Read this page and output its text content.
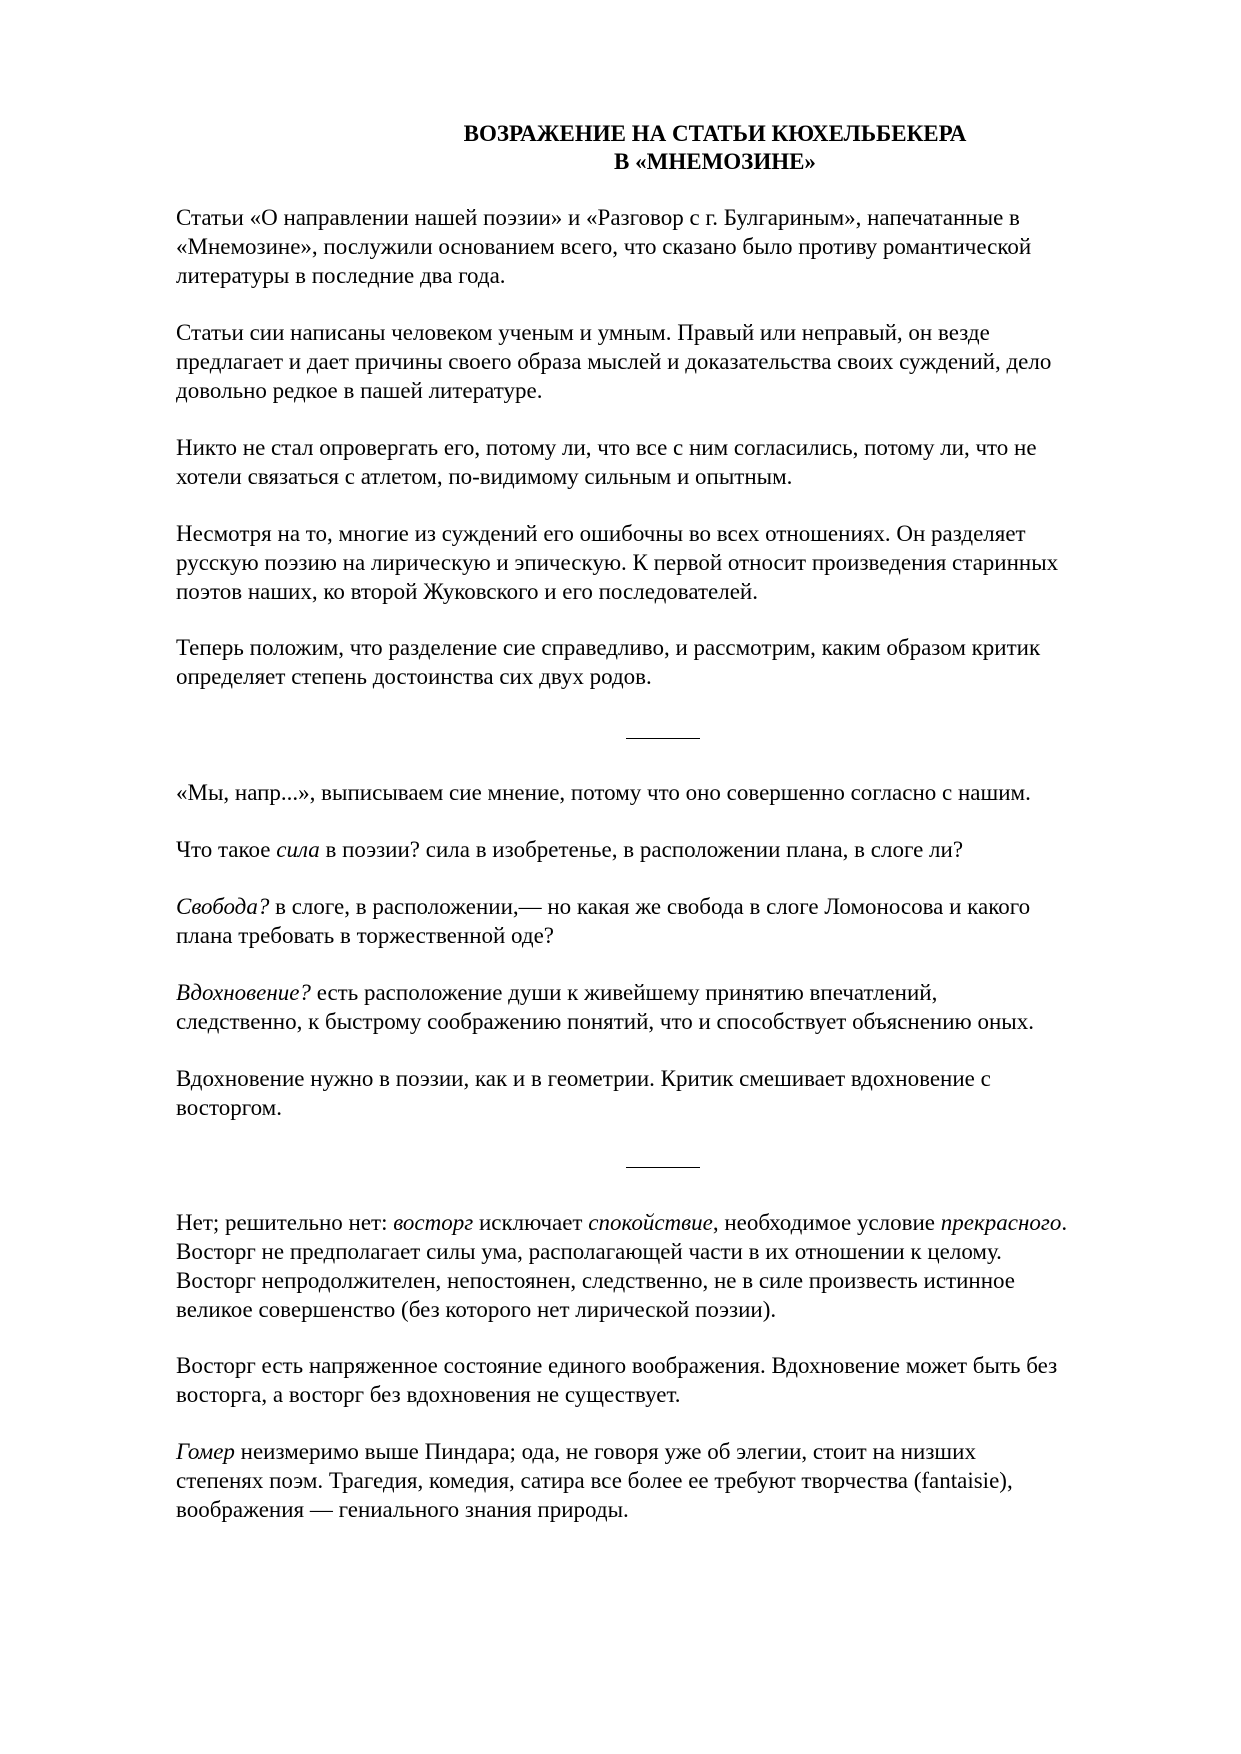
ВОЗРАЖЕНИЕ НА СТАТЬИ КЮХЕЛЬБЕКЕРА
В «МНЕМОЗИНЕ»

Статьи «О направлении нашей поэзии» и «Разговор с г. Булгариным», напечатанные в
«Мнемозине», послужили основанием всего, что сказано было противу романтической
литературы в последние два года.

Статьи сии написаны человеком ученым и умным. Правый или неправый, он везде
предлагает и дает причины своего образа мыслей и доказательства своих суждений, дело
довольно редкое в пашей литературе.

Никто не стал опровергать его, потому ли, что все с ним согласились, потому ли, что не
хотели связаться с атлетом, по-видимому сильным и опытным.

Несмотря на то, многие из суждений его ошибочны во всех отношениях. Он разделяет
русскую поэзию на лирическую и эпическую. К первой относит произведения старинных
поэтов наших, ко второй Жуковского и его последователей.

Теперь положим, что разделение сие справедливо, и рассмотрим, каким образом критик
определяет степень достоинства сих двух родов.

«Мы, напр...», выписываем сие мнение, потому что оно совершенно согласно с нашим.

Что такое сила в поэзии? сила в изобретенье, в расположении плана, в слоге ли?

Свобода? в слоге, в расположении,— но какая же свобода в слоге Ломоносова и какого
плана требовать в торжественной оде?

Вдохновение? есть расположение души к живейшему принятию впечатлений,
следственно, к быстрому соображению понятий, что и способствует объяснению оных.

Вдохновение нужно в поэзии, как и в геометрии. Критик смешивает вдохновение с
восторгом.

Нет; решительно нет: восторг исключает спокойствие, необходимое условие прекрасного.
Восторг не предполагает силы ума, располагающей части в их отношении к целому.
Восторг непродолжителен, непостоянен, следственно, не в силе произвесть истинное
великое совершенство (без которого нет лирической поэзии).

Восторг есть напряженное состояние единого воображения. Вдохновение может быть без
восторга, а восторг без вдохновения не существует.

Гомер неизмеримо выше Пиндара; ода, не говоря уже об элегии, стоит на низших
степенях поэм. Трагедия, комедия, сатира все более ее требуют творчества (fantaisie),
воображения — гениального знания природы.
